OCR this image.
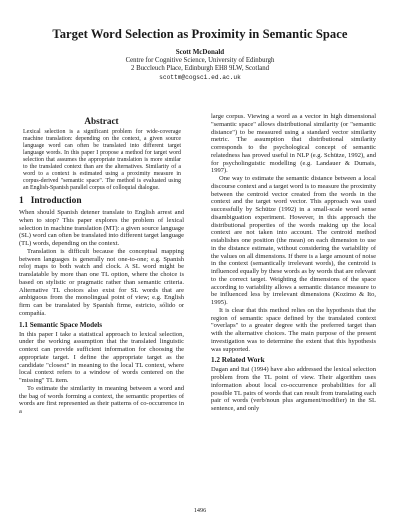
Target Word Selection as Proximity in Semantic Space
Scott McDonald
Centre for Cognitive Science, University of Edinburgh
2 Buccleuch Place, Edinburgh EH8 9LW, Scotland
scottm@cogsci.ed.ac.uk
Abstract

Lexical selection is a significant problem for wide-coverage machine translation: depending on the context, a given source language word can often be translated into different target language words. In this paper I propose a method for target word selection that assumes the appropriate translation is more similar to the translated context than are the alternatives. Similarity of a word to a context is estimated using a proximity measure in corpus-derived "semantic space". The method is evaluated using an English-Spanish parallel corpus of colloquial dialogue.

1 Introduction

When should Spanish detener translate to English arrest and when to stop? This paper explores the problem of lexical selection in machine translation (MT): a given source language (SL) word can often be translated into different target language (TL) words, depending on the context.

Translation is difficult because the conceptual mapping between languages is generally not one-to-one; e.g. Spanish reloj maps to both watch and clock. A SL word might be translatable by more than one TL option, where the choice is based on stylistic or pragmatic rather than semantic criteria. Alternative TL choices also exist for SL words that are ambiguous from the monolingual point of view; e.g. English firm can be translated by Spanish firme, estricto, sólido or compañía.

1.1 Semantic Space Models

In this paper I take a statistical approach to lexical selection, under the working assumption that the translated linguistic context can provide sufficient information for choosing the appropriate target. I define the appropriate target as the candidate "closest" in meaning to the local TL context, where local context refers to a window of words centered on the "missing" TL item.

To estimate the similarity in meaning between a word and the bag of words forming a context, the semantic properties of words are first represented as their patterns of co-occurrence in a

large corpus. Viewing a word as a vector in high dimensional "semantic space" allows distributional similarity (or "semantic distance") to be measured using a standard vector similarity metric. The assumption that distributional similarity corresponds to the psychological concept of semantic relatedness has proved useful in NLP (e.g. Schütze, 1992), and for psycholinguistic modelling (e.g. Landauer & Dumais, 1997).

One way to estimate the semantic distance between a local discourse context and a target word is to measure the proximity between the centroid vector created from the words in the context and the target word vector. This approach was used successfully by Schütze (1992) in a small-scale word sense disambiguation experiment. However, in this approach the distributional properties of the words making up the local context are not taken into account. The centroid method establishes one position (the mean) on each dimension to use in the distance estimate, without considering the variability of the values on all dimensions. If there is a large amount of noise in the context (semantically irrelevant words), the centroid is influenced equally by these words as by words that are relevant to the correct target. Weighting the dimensions of the space according to variability allows a semantic distance measure to be influenced less by irrelevant dimensions (Kozimo & Ito, 1995).

It is clear that this method relies on the hypothesis that the region of semantic space defined by the translated context "overlaps" to a greater degree with the preferred target than with the alternative choices. The main purpose of the present investigation was to determine the extent that this hypothesis was supported.

1.2 Related Work

Dagan and Itai (1994) have also addressed the lexical selection problem from the TL point of view. Their algorithm uses information about local co-occurrence probabilities for all possible TL pairs of words that can result from translating each pair of words (verb/noun plus argument/modifier) in the SL sentence, and only

1496
